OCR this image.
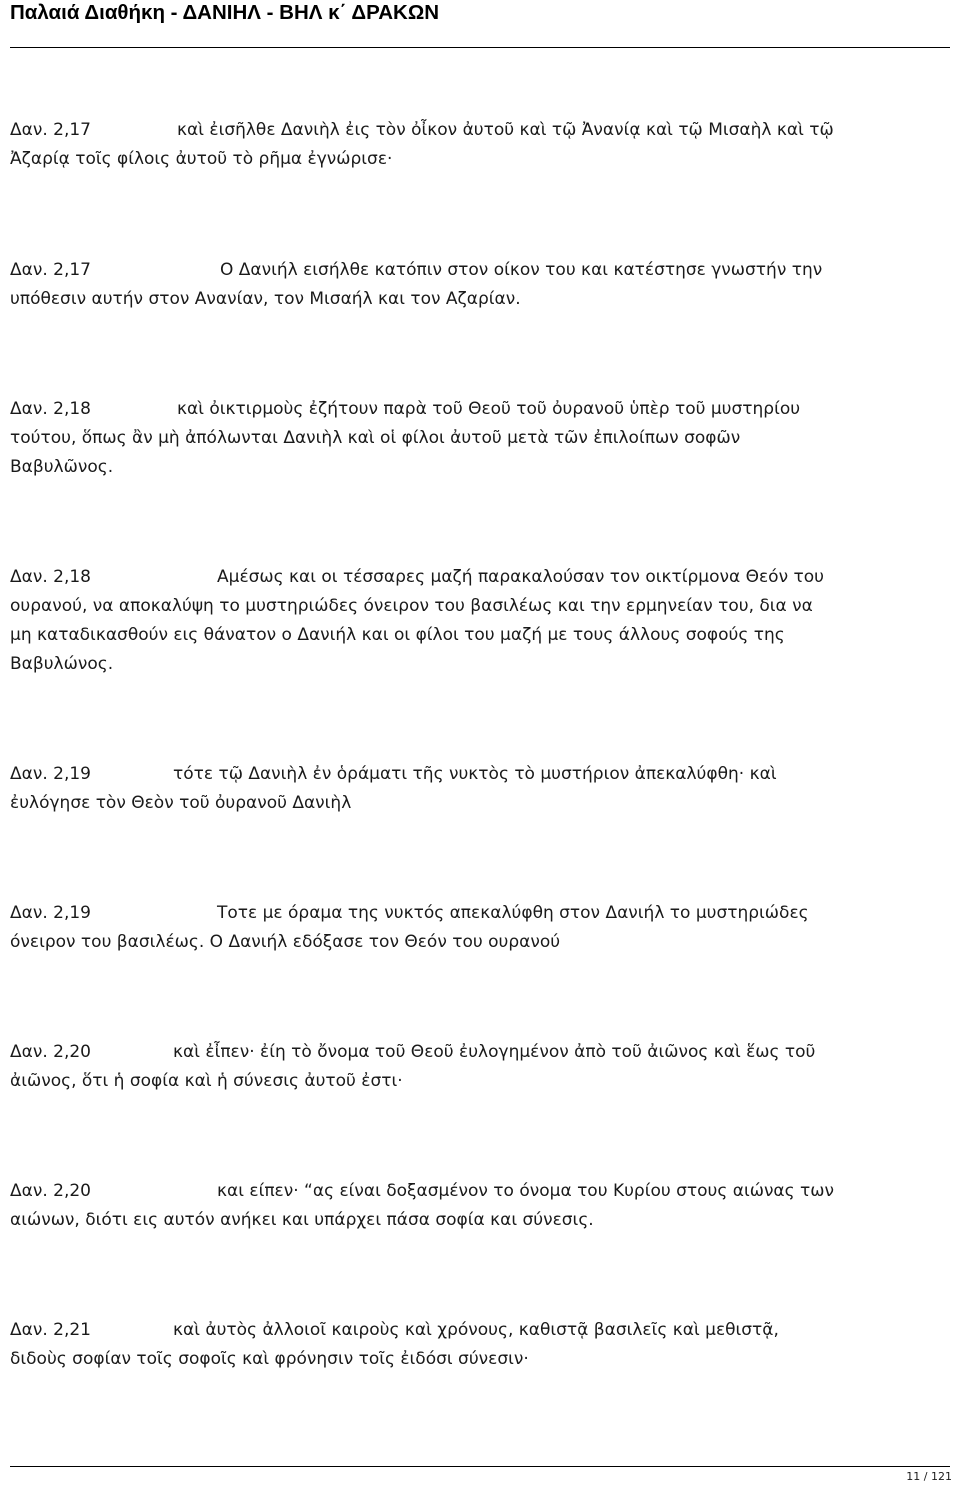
Παλαιά Διαθήκη - ΔΑΝΙΗΛ - ΒΗΛ κ΄ ΔΡΑΚΩΝ
Δαν. 2,17	καὶ ἐισῆλθε Δανιὴλ ἐις τὸν ὀἶκον ἀυτοῦ καὶ τῷ Ἀνανίᾳ καὶ τῷ Μισαὴλ καὶ τῷ
Ἀζαρίᾳ τοῖς φίλοις ἀυτοῦ τὸ ρῆμα ἐγνώρισε·
Δαν. 2,17	Ο Δανιήλ εισήλθε κατόπιν στον οίκον του και κατέστησε γνωστήν την
υπόθεσιν αυτήν στον Ανανίαν, τον Μισαήλ και τον Αζαρίαν.
Δαν. 2,18	καὶ ὀικτιρμοὺς ἐζήτουν παρὰ τοῦ Θεοῦ τοῦ ὀυρανοῦ ὑπὲρ τοῦ μυστηρίου
τούτου, ὅπως ἂν μὴ ἀπόλωνται Δανιὴλ καὶ οἱ φίλοι ἀυτοῦ μετὰ τῶν ἐπιλοίπων σοφῶν
Βαβυλῶνος.
Δαν. 2,18	Αμέσως και οι τέσσαρες μαζή παρακαλούσαν τον οικτίρμονα Θεόν του
ουρανού, να αποκαλύψη το μυστηριώδες όνειρον του βασιλέως και την ερμηνείαν του, δια να
μη καταδικασθούν εις θάνατον ο Δανιήλ και οι φίλοι του μαζή με τους άλλους σοφούς της
Βαβυλώνος.
Δαν. 2,19	τότε τῷ Δανιὴλ ἐν ὁράματι τῆς νυκτὸς τὸ μυστήριον ἀπεκαλύφθη· καὶ
ἐυλόγησε τὸν Θεὸν τοῦ ὀυρανοῦ Δανιὴλ
Δαν. 2,19	Τοτε με όραμα της νυκτός απεκαλύφθη στον Δανιήλ το μυστηριώδες
όνειρον του βασιλέως. Ο Δανιήλ εδόξασε τον Θεόν του ουρανού
Δαν. 2,20	καὶ ἐἶπεν· ἐίη τὸ ὄνομα τοῦ Θεοῦ ἐυλογημένον ἀπὸ τοῦ ἀιῶνος καὶ ἕως τοῦ
ἀιῶνος, ὅτι ἡ σοφία καὶ ἡ σύνεσις ἀυτοῦ ἐστι·
Δαν. 2,20	και είπεν· “ας είναι δοξασμένον το όνομα του Κυρίου στους αιώνας των
αιώνων, διότι εις αυτόν ανήκει και υπάρχει πάσα σοφία και σύνεσις.
Δαν. 2,21	καὶ ἀυτὸς ἀλλοιοῖ καιροὺς καὶ χρόνους, καθιστᾷ βασιλεῖς καὶ μεθιστᾷ,
διδοὺς σοφίαν τοῖς σοφοῖς καὶ φρόνησιν τοῖς ἐιδόσι σύνεσιν·
11 / 121
